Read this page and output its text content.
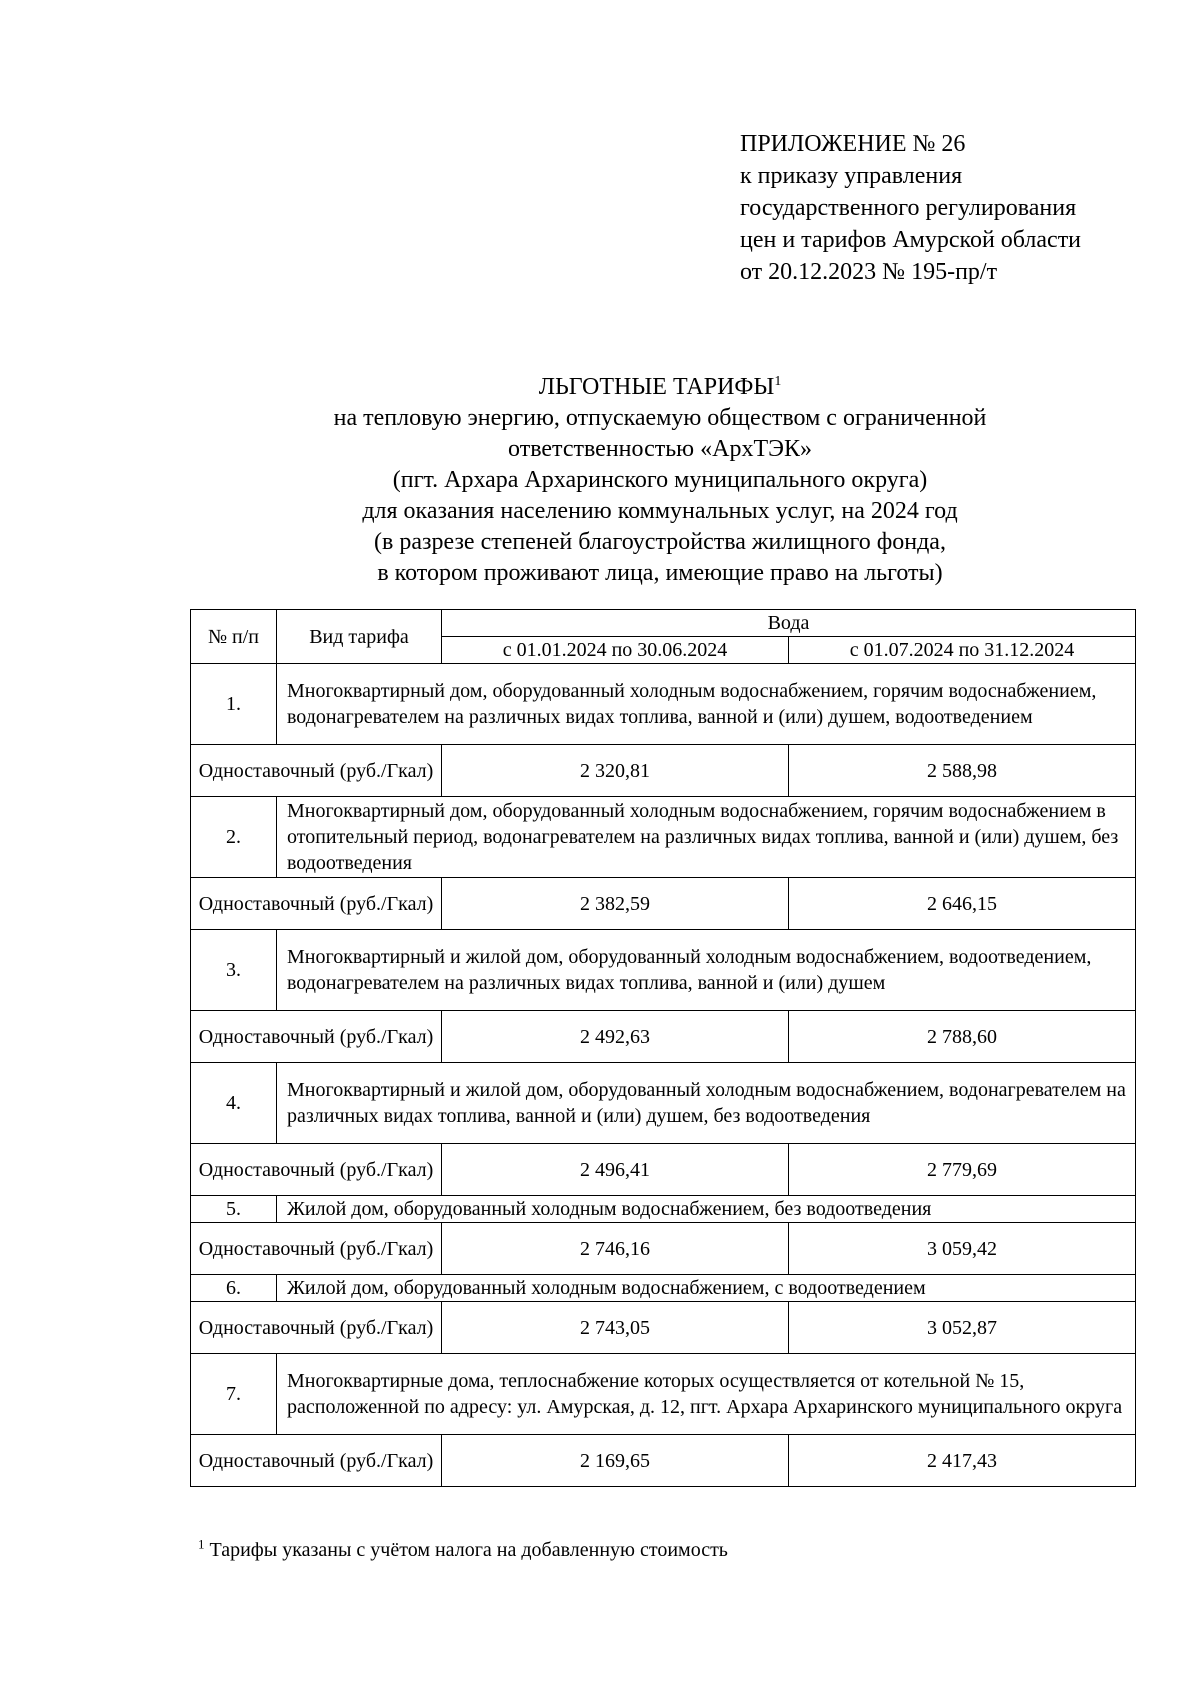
ПРИЛОЖЕНИЕ № 26
к приказу управления
государственного регулирования
цен и тарифов Амурской области
от 20.12.2023 № 195-пр/т
ЛЬГОТНЫЕ ТАРИФЫ$^1$
на тепловую энергию, отпускаемую обществом с ограниченной
ответственностью «АрхТЭК»
(пгт. Архара Архаринского муниципального округа)
для оказания населению коммунальных услуг, на 2024 год
(в разрезе степеней благоустройства жилищного фонда,
в котором проживают лица, имеющие право на льготы)
№ п/п	Вид тарифа	Вода	
		с 01.01.2024 по 30.06.2024	с 01.07.2024 по 31.12.2024
1.	Многоквартирный дом, оборудованный холодным водоснабжением, горячим водоснабжением, водонагревателем на различных видах топлива, ванной и (или) душем, водоотведением		
Одноставочный (руб./Гкал)		2 320,81	2 588,98
2.	Многоквартирный дом, оборудованный холодным водоснабжением, горячим водоснабжением в отопительный период, водонагревателем на различных видах топлива, ванной и (или) душем, без водоотведения		
Одноставочный (руб./Гкал)		2 382,59	2 646,15
3.	Многоквартирный и жилой дом, оборудованный холодным водоснабжением, водоотведением, водонагревателем на различных видах топлива, ванной и (или) душем		
Одноставочный (руб./Гкал)		2 492,63	2 788,60
4.	Многоквартирный и жилой дом, оборудованный холодным водоснабжением, водонагревателем на различных видах топлива, ванной и (или) душем, без водоотведения		
Одноставочный (руб./Гкал)		2 496,41	2 779,69
5.	Жилой дом, оборудованный холодным водоснабжением, без водоотведения		
Одноставочный (руб./Гкал)		2 746,16	3 059,42
6.	Жилой дом, оборудованный холодным водоснабжением, с водоотведением		
Одноставочный (руб./Гкал)		2 743,05	3 052,87
7.	Многоквартирные дома, теплоснабжение которых осуществляется от котельной № 15, расположенной по адресу: ул. Амурская, д. 12, пгт. Архара Архаринского муниципального округа		
Одноставочный (руб./Гкал)		2 169,65	2 417,43
$^1$ Тарифы указаны с учётом налога на добавленную стоимость
